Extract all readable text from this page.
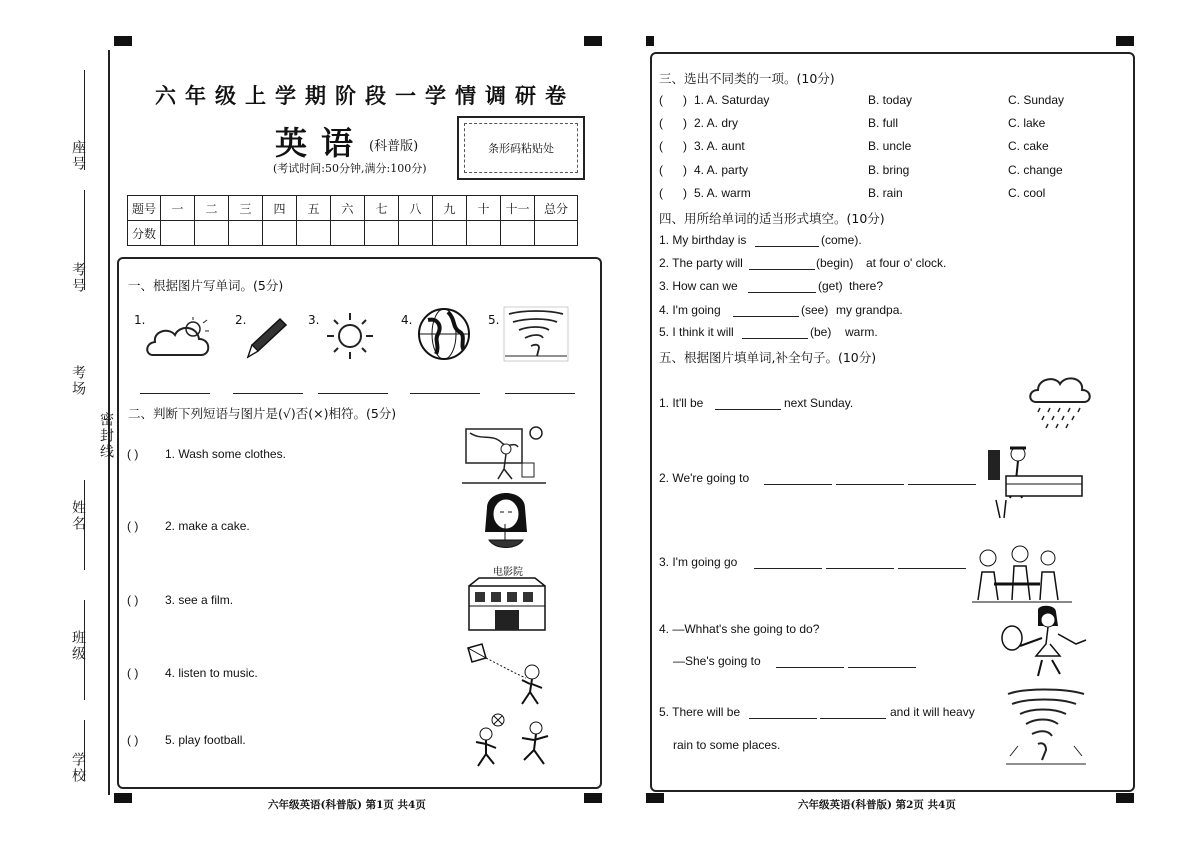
座号
考号
考场
密封线
姓名
班级
学校
六年级上学期阶段一学情调研卷
英语 (科普版)
(考试时间:50分钟,满分:100分)
条形码粘贴处
题号	一	二	三	四	五	六	七	八	九	十	十一	总分
分数												
一、根据图片写单词。(5分)
1.	2.	3.	4.	5.
二、判断下列短语与图片是(√)否(×)相符。(5分)
( ) 1. Wash some clothes.
( ) 2. make a cake.
( ) 3. see a film.
( ) 4. listen to music.
( ) 5. play football.
电影院
六年级英语(科普版) 第1页 共4页
三、选出不同类的一项。(10分)
(      ) 1. A. Saturday	B. today	C. Sunday
(      ) 2. A. dry	B. full	C. lake
(      ) 3. A. aunt	B. uncle	C. cake
(      ) 4. A. party	B. bring	C. change
(      ) 5. A. warm	B. rain	C. cool
四、用所给单词的适当形式填空。(10分)
1. My birthday is	(come).
2. The party will	(begin) at four o' clock.
3. How can we	(get) there?
4. I'm going	(see) my grandpa.
5. I think it will	(be) warm.
五、根据图片填单词,补全句子。(10分)
1. It'll be	next Sunday.
2. We're going to
3. I'm going go
4. —Whhat's she going to do?
—She's going to
5. There will be	and it will heavy
rain to some places.
六年级英语(科普版) 第2页 共4页
